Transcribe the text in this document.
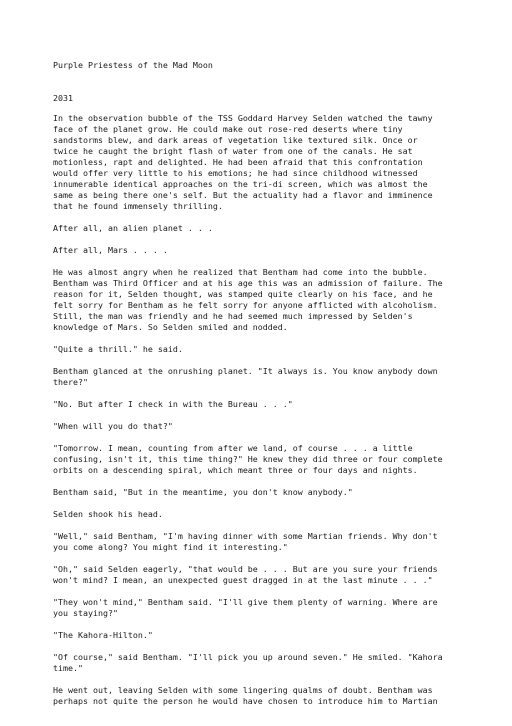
Purple Priestess of the Mad Moon
2031

In the observation bubble of the TSS Goddard Harvey Selden watched the tawny
face of the planet grow. He could make out rose-red deserts where tiny
sandstorms blew, and dark areas of vegetation like textured silk. Once or
twice he caught the bright flash of water from one of the canals. He sat
motionless, rapt and delighted. He had been afraid that this confrontation
would offer very little to his emotions; he had since childhood witnessed
innumerable identical approaches on the tri-di screen, which was almost the
same as being there one's self. But the actuality had a flavor and imminence
that he found immensely thrilling.

After all, an alien planet . . .

After all, Mars . . . .

He was almost angry when he realized that Bentham had come into the bubble.
Bentham was Third Officer and at his age this was an admission of failure. The
reason for it, Selden thought, was stamped quite clearly on his face, and he
felt sorry for Bentham as he felt sorry for anyone afflicted with alcoholism.
Still, the man was friendly and he had seemed much impressed by Selden's
knowledge of Mars. So Selden smiled and nodded.

"Quite a thrill." he said.

Bentham glanced at the onrushing planet. "It always is. You know anybody down
there?"

"No. But after I check in with the Bureau . . ."

"When will you do that?"

"Tomorrow. I mean, counting from after we land, of course . . . a little
confusing, isn't it, this time thing?" He knew they did three or four complete
orbits on a descending spiral, which meant three or four days and nights.

Bentham said, "But in the meantime, you don't know anybody."

Selden shook his head.

"Well," said Bentham, "I'm having dinner with some Martian friends. Why don't
you come along? You might find it interesting."

"Oh," said Selden eagerly, "that would be . . . But are you sure your friends
won't mind? I mean, an unexpected guest dragged in at the last minute . . ."

"They won't mind," Bentham said. "I'll give them plenty of warning. Where are
you staying?"

"The Kahora-Hilton."

"Of course," said Bentham. "I'll pick you up around seven." He smiled. "Kahora
time."

He went out, leaving Selden with some lingering qualms of doubt. Bentham was
perhaps not quite the person he would have chosen to introduce him to Martian
